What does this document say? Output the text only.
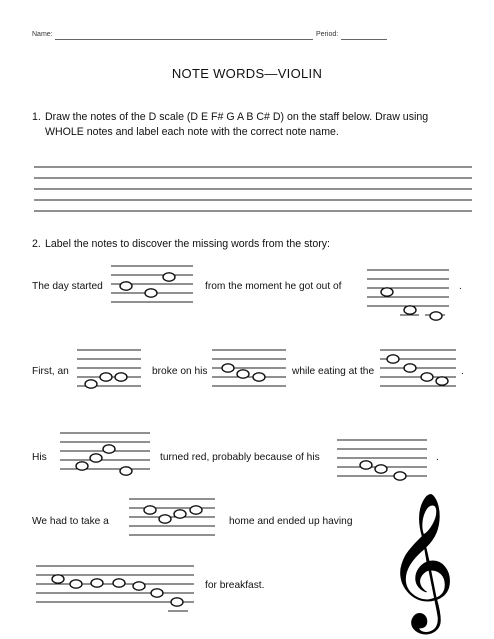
Name:	Period:
NOTE WORDS—VIOLIN
1. Draw the notes of the D scale (D E F# G A B C# D) on the staff below. Draw using WHOLE notes and label each note with the correct note name.
2. Label the notes to discover the missing words from the story:
The day started	from the moment he got out of	.
First, an	broke on his	while eating at the	.
His	turned red, probably because of his	.
We had to take a	home and ended up having
for breakfast. 𝄞
